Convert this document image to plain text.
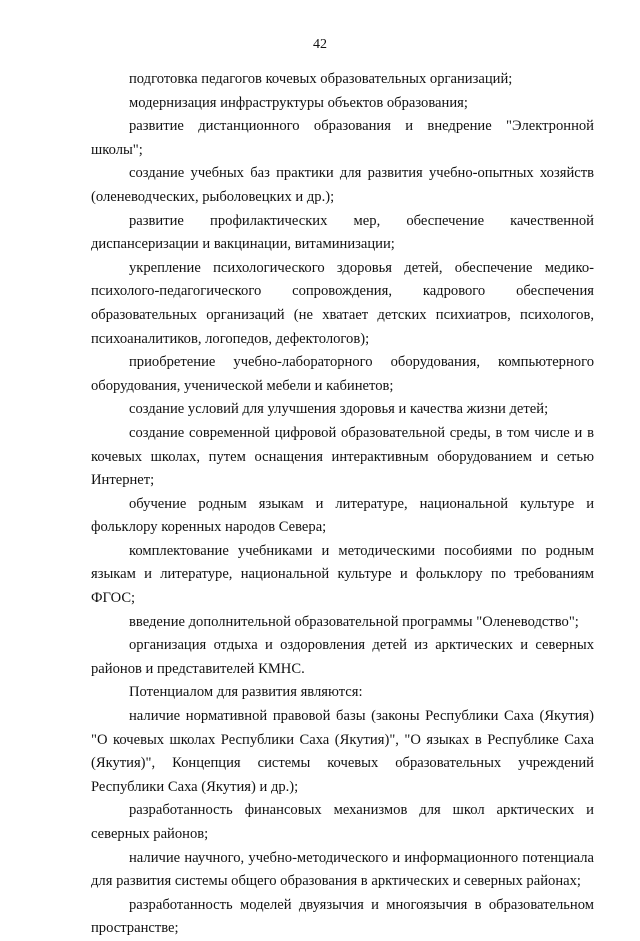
42

подготовка педагогов кочевых образовательных организаций;

модернизация инфраструктуры объектов образования;

развитие дистанционного образования и внедрение "Электронной школы";

создание учебных баз практики для развития учебно-опытных хозяйств (оленеводческих, рыболовецких и др.);

развитие профилактических мер, обеспечение качественной диспансеризации и вакцинации, витаминизации;

укрепление психологического здоровья детей, обеспечение медико-психолого-педагогического сопровождения, кадрового обеспечения образовательных организаций (не хватает детских психиатров, психологов, психоаналитиков, логопедов, дефектологов);

приобретение учебно-лабораторного оборудования, компьютерного оборудования, ученической мебели и кабинетов;

создание условий для улучшения здоровья и качества жизни детей;

создание современной цифровой образовательной среды, в том числе и в кочевых школах, путем оснащения интерактивным оборудованием и сетью Интернет;

обучение родным языкам и литературе, национальной культуре и фольклору коренных народов Севера;

комплектование учебниками и методическими пособиями по родным языкам и литературе, национальной культуре и фольклору по требованиям ФГОС;

введение дополнительной образовательной программы "Оленеводство";

организация отдыха и оздоровления детей из арктических и северных районов и представителей КМНС.

Потенциалом для развития являются:

наличие нормативной правовой базы (законы Республики Саха (Якутия) "О кочевых школах Республики Саха (Якутия)", "О языках в Республике Саха (Якутия)", Концепция системы кочевых образовательных учреждений Республики Саха (Якутия) и др.);

разработанность финансовых механизмов для школ арктических и северных районов;

наличие научного, учебно-методического и информационного потенциала для развития системы общего образования в арктических и северных районах;

разработанность моделей двуязычия и многоязычия в образовательном пространстве;
